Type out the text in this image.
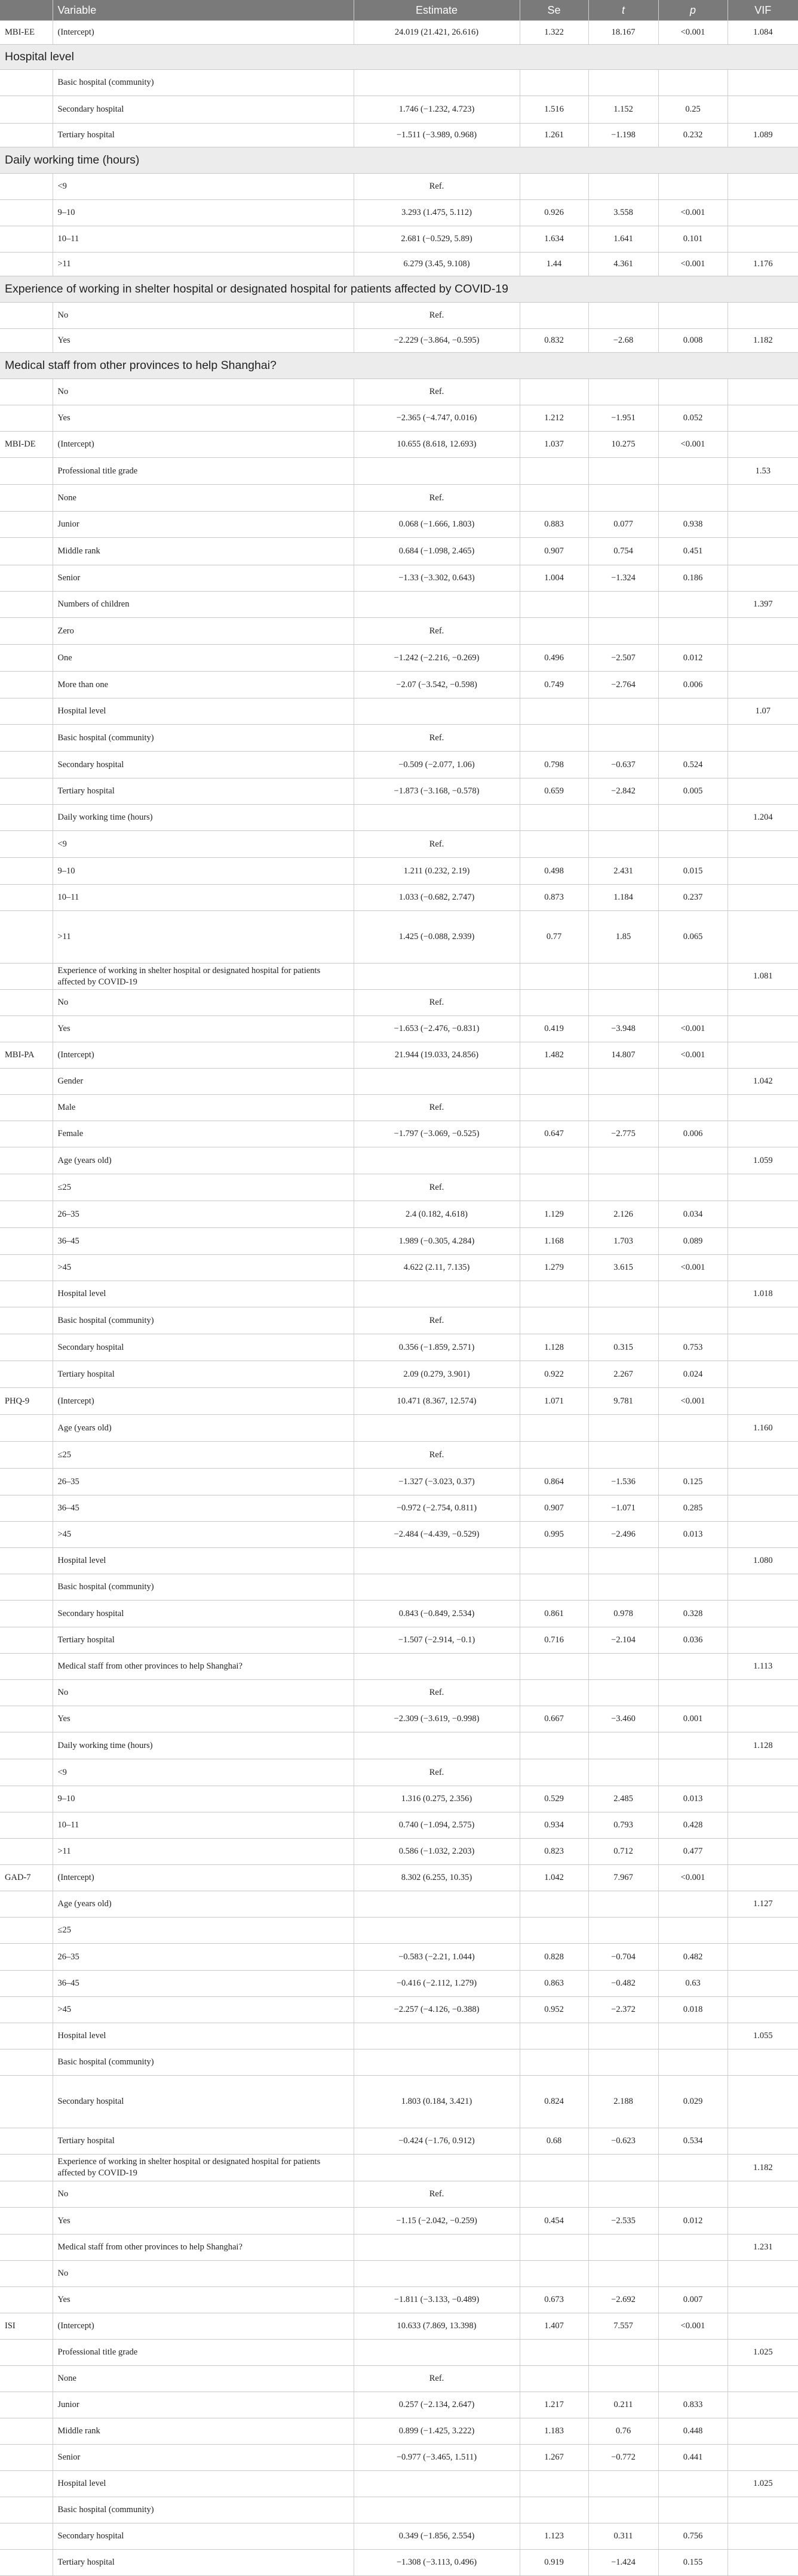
	Variable	Estimate	Se	t	p	VIF
MBI-EE	(Intercept)	24.019 (21.421, 26.616)	1.322	18.167	<0.001	1.084
Hospital level						
	Basic hospital (community)	

	Secondary hospital	1.746 (−1.232, 4.723)	1.516	1.152	0.25	
	Tertiary hospital	−1.511 (−3.989, 0.968)	1.261	−1.198	0.232	1.089
Daily working time (hours)						
	<9	Ref.				

	9–10	3.293 (1.475, 5.112)	0.926	3.558	<0.001	
	10–11	2.681 (−0.529, 5.89)	1.634	1.641	0.101	
	>11	6.279 (3.45, 9.108)	1.44	4.361	<0.001	1.176
Experience of working in shelter hospital or designated hospital for patients affected by COVID-19						
	No	Ref.				

	Yes	−2.229 (−3.864, −0.595)	0.832	−2.68	0.008	1.182
Medical staff from other provinces to help Shanghai?						
	No	Ref.				

	Yes	−2.365 (−4.747, 0.016)	1.212	−1.951	0.052	
MBI-DE	(Intercept)	10.655 (8.618, 12.693)	1.037	10.275	<0.001	
	Professional title grade					1.53
	None	Ref.				

	Junior	0.068 (−1.666, 1.803)	0.883	0.077	0.938	
	Middle rank	0.684 (−1.098, 2.465)	0.907	0.754	0.451	
	Senior	−1.33 (−3.302, 0.643)	1.004	−1.324	0.186	
	Numbers of children					1.397
	Zero	Ref.				

	One	−1.242 (−2.216, −0.269)	0.496	−2.507	0.012	
	More than one	−2.07 (−3.542, −0.598)	0.749	−2.764	0.006	
	Hospital level					1.07
	Basic hospital (community)	Ref.				

	Secondary hospital	−0.509 (−2.077, 1.06)	0.798	−0.637	0.524	
	Tertiary hospital	−1.873 (−3.168, −0.578)	0.659	−2.842	0.005	
	Daily working time (hours)					1.204
	<9	Ref.				

	9–10	1.211 (0.232, 2.19)	0.498	2.431	0.015	
	10–11	1.033 (−0.682, 2.747)	0.873	1.184	0.237	
	>11	1.425 (−0.088, 2.939)	0.77	1.85	0.065	
	Experience of working in shelter hospital or designated hospital for patients affected by COVID-19					1.081
	No	Ref.				

	Yes	−1.653 (−2.476, −0.831)	0.419	−3.948	<0.001	
MBI-PA	(Intercept)	21.944 (19.033, 24.856)	1.482	14.807	<0.001	
	Gender					1.042
	Male	Ref.				

	Female	−1.797 (−3.069, −0.525)	0.647	−2.775	0.006	
	Age (years old)					1.059
	≤25	Ref.				

	26–35	2.4 (0.182, 4.618)	1.129	2.126	0.034	
	36–45	1.989 (−0.305, 4.284)	1.168	1.703	0.089	
	>45	4.622 (2.11, 7.135)	1.279	3.615	<0.001	
	Hospital level					1.018
	Basic hospital (community)	Ref.				

	Secondary hospital	0.356 (−1.859, 2.571)	1.128	0.315	0.753	
	Tertiary hospital	2.09 (0.279, 3.901)	0.922	2.267	0.024	
PHQ-9	(Intercept)	10.471 (8.367, 12.574)	1.071	9.781	<0.001	
	Age (years old)					1.160
	≤25	Ref.				

	26–35	−1.327 (−3.023, 0.37)	0.864	−1.536	0.125	
	36–45	−0.972 (−2.754, 0.811)	0.907	−1.071	0.285	
	>45	−2.484 (−4.439, −0.529)	0.995	−2.496	0.013	
	Hospital level					1.080
	Basic hospital (community)	

	Secondary hospital	0.843 (−0.849, 2.534)	0.861	0.978	0.328	
	Tertiary hospital	−1.507 (−2.914, −0.1)	0.716	−2.104	0.036	
	Medical staff from other provinces to help Shanghai?					1.113
	No	Ref.				

	Yes	−2.309 (−3.619, −0.998)	0.667	−3.460	0.001	
	Daily working time (hours)					1.128
	<9	Ref.				

	9–10	1.316 (0.275, 2.356)	0.529	2.485	0.013	
	10–11	0.740 (−1.094, 2.575)	0.934	0.793	0.428	
	>11	0.586 (−1.032, 2.203)	0.823	0.712	0.477	
GAD-7	(Intercept)	8.302 (6.255, 10.35)	1.042	7.967	<0.001	
	Age (years old)					1.127
	≤25	

	26–35	−0.583 (−2.21, 1.044)	0.828	−0.704	0.482	
	36–45	−0.416 (−2.112, 1.279)	0.863	−0.482	0.63	
	>45	−2.257 (−4.126, −0.388)	0.952	−2.372	0.018	
	Hospital level					1.055
	Basic hospital (community)	

	Secondary hospital	1.803 (0.184, 3.421)	0.824	2.188	0.029	
	Tertiary hospital	−0.424 (−1.76, 0.912)	0.68	−0.623	0.534	
	Experience of working in shelter hospital or designated hospital for patients affected by COVID-19					1.182
	No	Ref.				

	Yes	−1.15 (−2.042, −0.259)	0.454	−2.535	0.012	
	Medical staff from other provinces to help Shanghai?					1.231
	No	

	Yes	−1.811 (−3.133, −0.489)	0.673	−2.692	0.007	
ISI	(Intercept)	10.633 (7.869, 13.398)	1.407	7.557	<0.001	
	Professional title grade					1.025
	None	Ref.				

	Junior	0.257 (−2.134, 2.647)	1.217	0.211	0.833	
	Middle rank	0.899 (−1.425, 3.222)	1.183	0.76	0.448	
	Senior	−0.977 (−3.465, 1.511)	1.267	−0.772	0.441	
	Hospital level					1.025
	Basic hospital (community)	

	Secondary hospital	0.349 (−1.856, 2.554)	1.123	0.311	0.756	
	Tertiary hospital	−1.308 (−3.113, 0.496)	0.919	−1.424	0.155	
